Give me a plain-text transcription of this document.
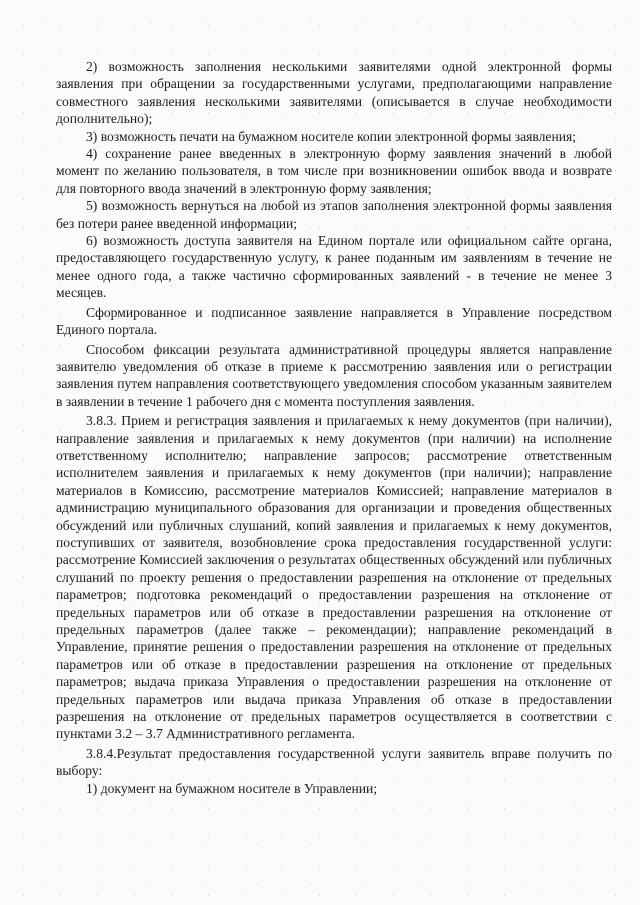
2) возможность заполнения несколькими заявителями одной электронной формы заявления при обращении за государственными услугами, предполагающими направление совместного заявления несколькими заявителями (описывается в случае необходимости дополнительно);

3) возможность печати на бумажном носителе копии электронной формы заявления;

4) сохранение ранее введенных в электронную форму заявления значений в любой момент по желанию пользователя, в том числе при возникновении ошибок ввода и возврате для повторного ввода значений в электронную форму заявления;

5) возможность вернуться на любой из этапов заполнения электронной формы заявления без потери ранее введенной информации;

6) возможность доступа заявителя на Едином портале или официальном сайте органа, предоставляющего государственную услугу, к ранее поданным им заявлениям в течение не менее одного года, а также частично сформированных заявлений - в течение не менее 3 месяцев.

Сформированное и подписанное заявление направляется в Управление посредством Единого портала.

Способом фиксации результата административной процедуры является направление заявителю уведомления об отказе в приеме к рассмотрению заявления или о регистрации заявления путем направления соответствующего уведомления способом указанным заявителем в заявлении в течение 1 рабочего дня с момента поступления заявления.

3.8.3. Прием и регистрация заявления и прилагаемых к нему документов (при наличии), направление заявления и прилагаемых к нему документов (при наличии) на исполнение ответственному исполнителю; направление запросов; рассмотрение ответственным исполнителем заявления и прилагаемых к нему документов (при наличии); направление материалов в Комиссию, рассмотрение материалов Комиссией; направление материалов в администрацию муниципального образования для организации и проведения общественных обсуждений или публичных слушаний, копий заявления и прилагаемых к нему документов, поступивших от заявителя, возобновление срока предоставления государственной услуги: рассмотрение Комиссией заключения о результатах общественных обсуждений или публичных слушаний по проекту решения о предоставлении разрешения на отклонение от предельных параметров; подготовка рекомендаций о предоставлении разрешения на отклонение от предельных параметров или об отказе в предоставлении разрешения на отклонение от предельных параметров (далее также – рекомендации); направление рекомендаций в Управление, принятие решения о предоставлении разрешения на отклонение от предельных параметров или об отказе в предоставлении разрешения на отклонение от предельных параметров; выдача приказа Управления о предоставлении разрешения на отклонение от предельных параметров или выдача приказа Управления об отказе в предоставлении разрешения на отклонение от предельных параметров осуществляется в соответствии с пунктами 3.2 – 3.7 Административного регламента.

3.8.4.Результат предоставления государственной услуги заявитель вправе получить по выбору:

1) документ на бумажном носителе в Управлении;
